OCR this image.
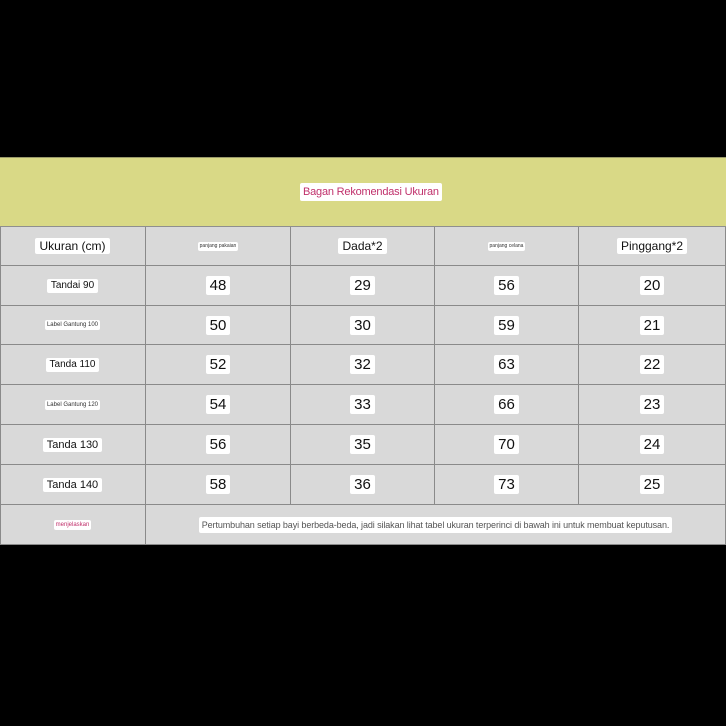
Bagan Rekomendasi Ukuran
Ukuran (cm)	panjang pakaian	Dada*2	panjang celana	Pinggang*2
Tandai 90	48	29	56	20
Label Gantung 100	50	30	59	21
Tanda 110	52	32	63	22
Label Gantung 120	54	33	66	23
Tanda 130	56	35	70	24
Tanda 140	58	36	73	25
menjelaskan	Pertumbuhan setiap bayi berbeda-beda, jadi silakan lihat tabel ukuran terperinci di bawah ini untuk membuat keputusan.
